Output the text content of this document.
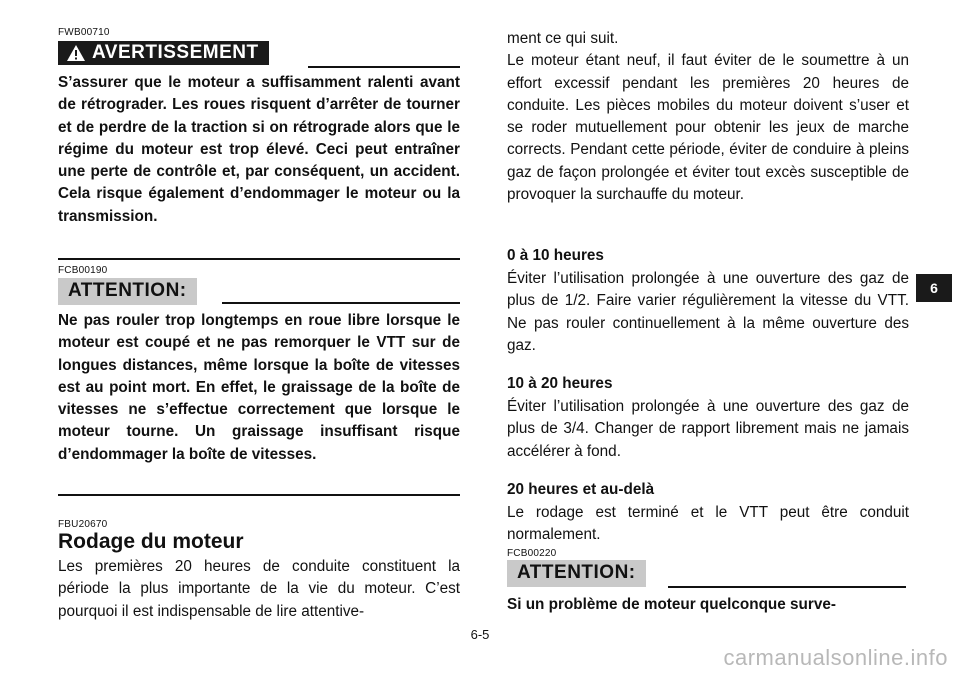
FWB00710
AVERTISSEMENT

S’assurer que le moteur a suffisamment ralenti avant de rétrograder. Les roues risquent d’arrêter de tourner et de perdre de la traction si on rétrograde alors que le régime du moteur est trop élevé. Ceci peut entraîner une perte de contrôle et, par conséquent, un accident. Cela risque également d’endommager le moteur ou la transmission.

FCB00190
ATTENTION:

Ne pas rouler trop longtemps en roue libre lorsque le moteur est coupé et ne pas remorquer le VTT sur de longues distances, même lorsque la boîte de vitesses est au point mort. En effet, le graissage de la boîte de vitesses ne s’effectue correctement que lorsque le moteur tourne. Un graissage insuffisant risque d’endommager la boîte de vitesses.

FBU20670
Rodage du moteur

Les premières 20 heures de conduite constituent la période la plus importante de la vie du moteur. C’est pourquoi il est indispensable de lire attentive-

ment ce qui suit.
Le moteur étant neuf, il faut éviter de le soumettre à un effort excessif pendant les premières 20 heures de conduite. Les pièces mobiles du moteur doivent s’user et se roder mutuellement pour obtenir les jeux de marche corrects. Pendant cette période, éviter de conduire à pleins gaz de façon prolongée et éviter tout excès susceptible de provoquer la surchauffe du moteur.

0 à 10 heures

Éviter l’utilisation prolongée à une ouverture des gaz de plus de 1/2. Faire varier régulièrement la vitesse du VTT. Ne pas rouler continuellement à la même ouverture des gaz.

10 à 20 heures

Éviter l’utilisation prolongée à une ouverture des gaz de plus de 3/4. Changer de rapport librement mais ne jamais accélérer à fond.

20 heures et au-delà

Le rodage est terminé et le VTT peut être conduit normalement.

FCB00220
ATTENTION:

Si un problème de moteur quelconque surve-

6
6-5
carmanualsonline.info
